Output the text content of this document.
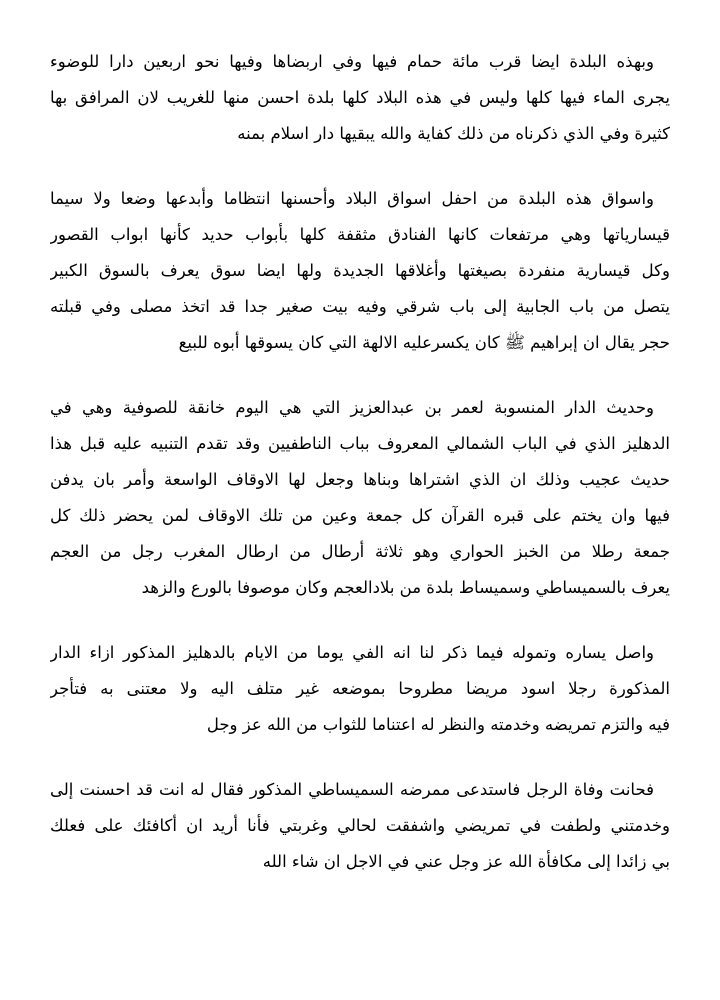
وبهذه البلدة ايضا قرب مائة حمام فيها وفي اربضاها وفيها نحو اربعين دارا للوضوء
يجرى الماء فيها كلها وليس في هذه البلاد كلها بلدة احسن منها للغريب لان المرافق بها
كثيرة وفي الذي ذكرناه من ذلك كفاية والله يبقيها دار اسلام بمنه
واسواق هذه البلدة من احفل اسواق البلاد وأحسنها انتظاما وأبدعها وضعا ولا سيما
قيسارياتها وهي مرتفعات كانها الفنادق مثقفة كلها بأبواب حديد كأنها ابواب القصور
وكل قيسارية منفردة بصيغتها وأغلاقها الجديدة ولها ايضا سوق يعرف بالسوق الكبير
يتصل من باب الجابية إلى باب شرقي وفيه بيت صغير جدا قد اتخذ مصلى وفي قبلته
حجر يقال ان إبراهيم ﷺ كان يكسرعليه الالهة التي كان يسوقها أبوه للبيع
وحديث الدار المنسوبة لعمر بن عبدالعزيز التي هي اليوم خانقة للصوفية وهي في
الدهليز الذي في الباب الشمالي المعروف بباب الناطفيين وقد تقدم التنبيه عليه قبل هذا
حديث عجيب وذلك ان الذي اشتراها وبناها وجعل لها الاوقاف الواسعة وأمر بان يدفن
فيها وان يختم على قبره القرآن كل جمعة وعين من تلك الاوقاف لمن يحضر ذلك كل
جمعة رطلا من الخبز الحواري وهو ثلاثة أرطال من ارطال المغرب رجل من العجم
يعرف بالسميساطي وسميساط بلدة من بلادالعجم وكان موصوفا بالورع والزهد
واصل يساره وتموله فيما ذكر لنا انه الفي يوما من الايام بالدهليز المذكور ازاء الدار
المذكورة رجلا اسود مريضا مطروحا بموضعه غير متلف اليه ولا معتنى به فتأجر
فيه والتزم تمريضه وخدمته والنظر له اعتناما للثواب من الله عز وجل
فحانت وفاة الرجل فاستدعى ممرضه السميساطي المذكور فقال له انت قد احسنت إلى
وخدمتني ولطفت في تمريضي واشفقت لحالي وغربتي فأنا أريد ان أكافئك على فعلك
بي زائدا إلى مكافأة الله عز وجل عني في الاجل ان شاء الله
